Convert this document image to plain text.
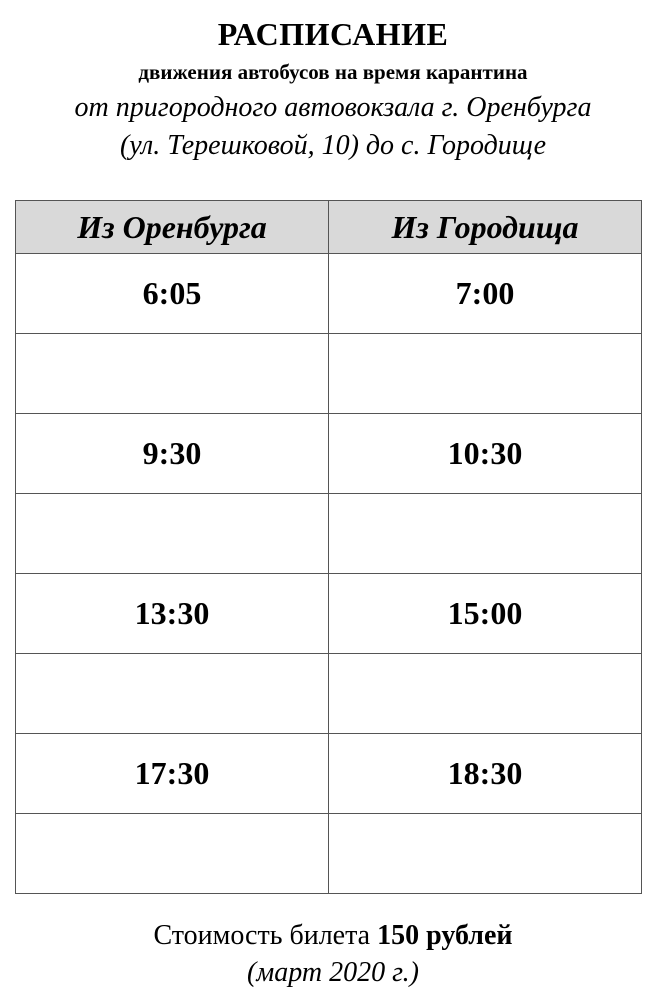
РАСПИСАНИЕ
движения автобусов на время карантина
от пригородного автовокзала г. Оренбурга
(ул. Терешковой, 10) до с. Городище
Из Оренбурга	Из Городища
6:05	7:00

9:30	10:30

13:30	15:00

17:30	18:30

Стоимость билета 150 рублей
(март 2020 г.)
